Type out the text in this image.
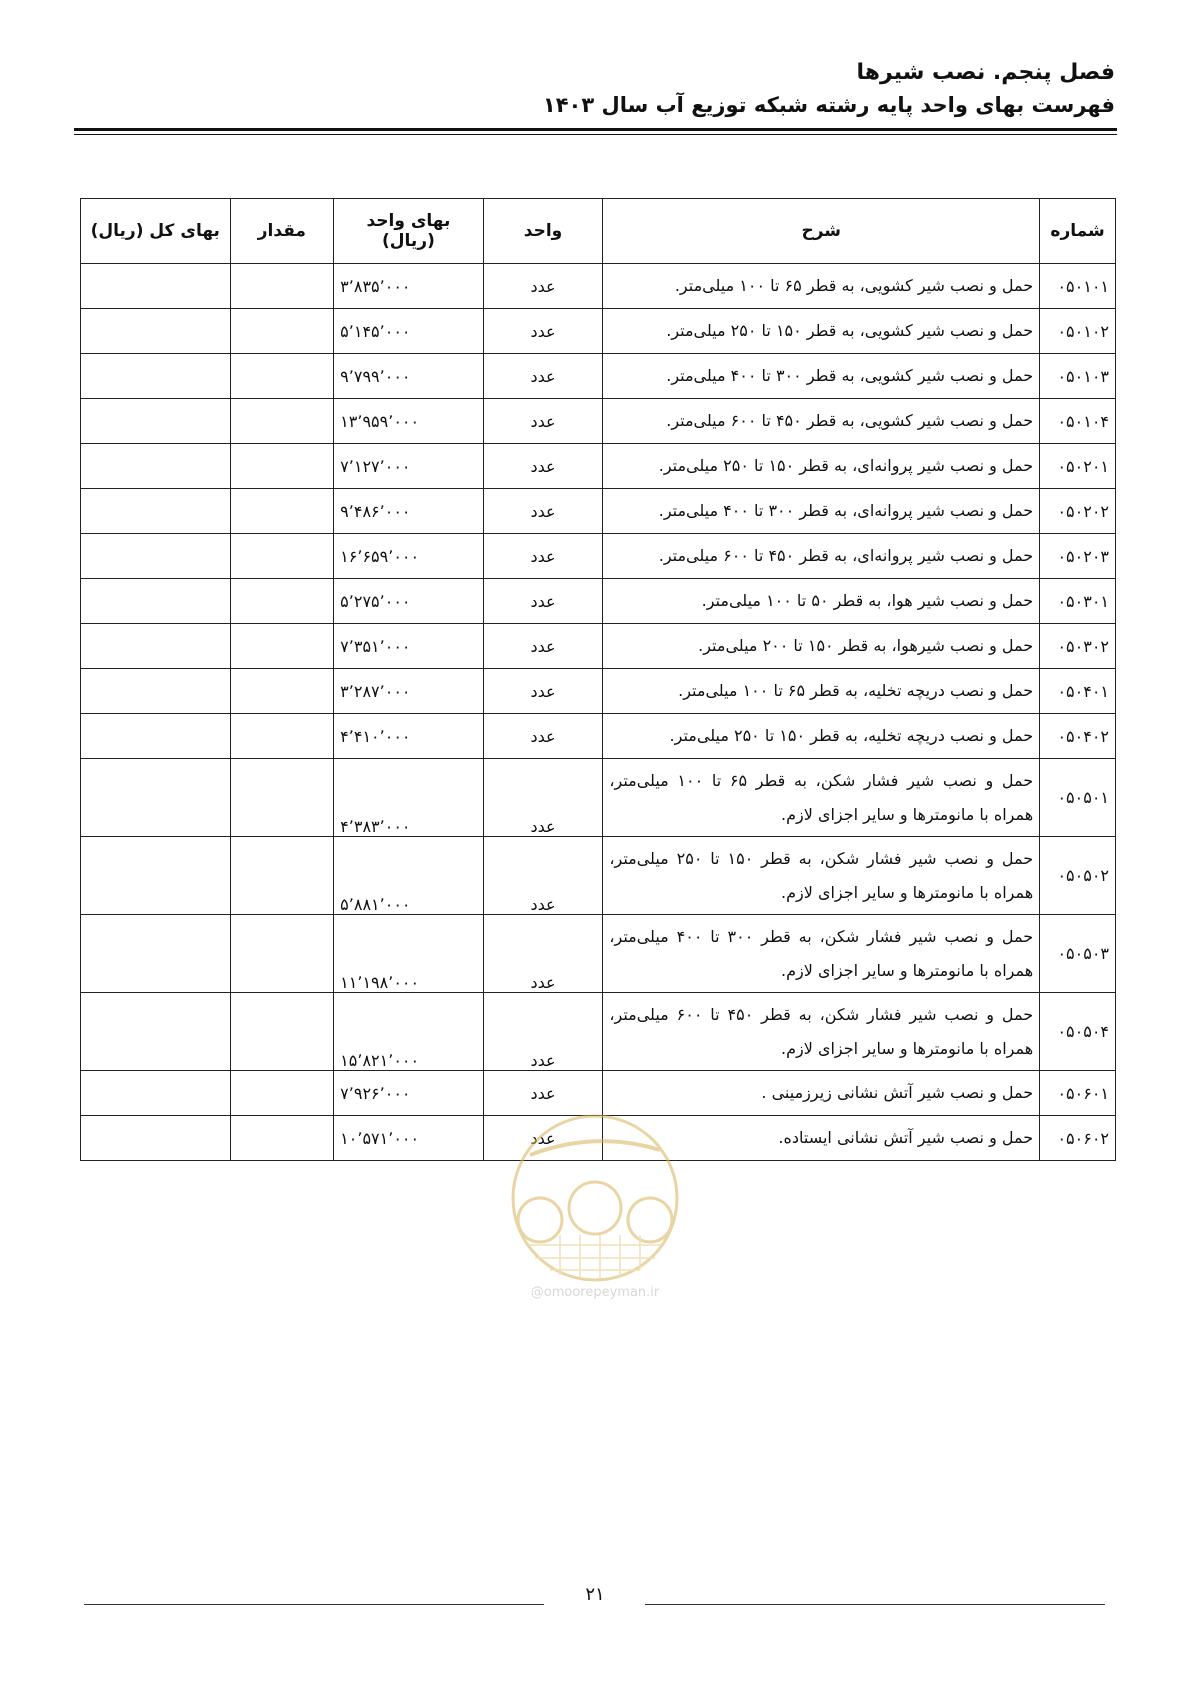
فصل پنجم. نصب شیرها
فهرست بهای واحد پایه رشته شبکه توزیع آب سال ۱۴۰۳
شماره	شرح	واحد	بهای واحد (ریال)	مقدار	بهای کل (ریال)
۰۵۰۱۰۱	حمل و نصب شیر کشویی، به قطر ۶۵ تا ۱۰۰ میلی‌متر.	عدد	۳٬۸۳۵٬۰۰۰		
۰۵۰۱۰۲	حمل و نصب شیر کشویی، به قطر ۱۵۰ تا ۲۵۰ میلی‌متر.	عدد	۵٬۱۴۵٬۰۰۰		
۰۵۰۱۰۳	حمل و نصب شیر کشویی، به قطر ۳۰۰ تا ۴۰۰ میلی‌متر.	عدد	۹٬۷۹۹٬۰۰۰		
۰۵۰۱۰۴	حمل و نصب شیر کشویی، به قطر ۴۵۰ تا ۶۰۰ میلی‌متر.	عدد	۱۳٬۹۵۹٬۰۰۰		
۰۵۰۲۰۱	حمل و نصب شیر پروانه‌ای، به قطر ۱۵۰ تا ۲۵۰ میلی‌متر.	عدد	۷٬۱۲۷٬۰۰۰		
۰۵۰۲۰۲	حمل و نصب شیر پروانه‌ای، به قطر ۳۰۰ تا ۴۰۰ میلی‌متر.	عدد	۹٬۴۸۶٬۰۰۰		
۰۵۰۲۰۳	حمل و نصب شیر پروانه‌ای، به قطر ۴۵۰ تا ۶۰۰ میلی‌متر.	عدد	۱۶٬۶۵۹٬۰۰۰		
۰۵۰۳۰۱	حمل و نصب شیر هوا، به قطر ۵۰ تا ۱۰۰ میلی‌متر.	عدد	۵٬۲۷۵٬۰۰۰		
۰۵۰۳۰۲	حمل و نصب شیرهوا، به قطر ۱۵۰ تا ۲۰۰ میلی‌متر.	عدد	۷٬۳۵۱٬۰۰۰		
۰۵۰۴۰۱	حمل و نصب دریچه تخلیه، به قطر ۶۵ تا ۱۰۰ میلی‌متر.	عدد	۳٬۲۸۷٬۰۰۰		
۰۵۰۴۰۲	حمل و نصب دریچه تخلیه، به قطر ۱۵۰ تا ۲۵۰ میلی‌متر.	عدد	۴٬۴۱۰٬۰۰۰		
۰۵۰۵۰۱	حمل و نصب شیر فشار شکن، به قطر ۶۵ تا ۱۰۰ میلی‌متر، همراه با مانومترها و سایر اجزای لازم.	عدد	۴٬۳۸۳٬۰۰۰		
۰۵۰۵۰۲	حمل و نصب شیر فشار شکن، به قطر ۱۵۰ تا ۲۵۰ میلی‌متر، همراه با مانومترها و سایر اجزای لازم.	عدد	۵٬۸۸۱٬۰۰۰		
۰۵۰۵۰۳	حمل و نصب شیر فشار شکن، به قطر ۳۰۰ تا ۴۰۰ میلی‌متر، همراه با مانومترها و سایر اجزای لازم.	عدد	۱۱٬۱۹۸٬۰۰۰		
۰۵۰۵۰۴	حمل و نصب شیر فشار شکن، به قطر ۴۵۰ تا ۶۰۰ میلی‌متر، همراه با مانومترها و سایر اجزای لازم.	عدد	۱۵٬۸۲۱٬۰۰۰		
۰۵۰۶۰۱	حمل و نصب شیر آتش نشانی زیرزمینی .	عدد	۷٬۹۲۶٬۰۰۰		
۰۵۰۶۰۲	حمل و نصب شیر آتش نشانی ایستاده.	عدد	۱۰٬۵۷۱٬۰۰۰		
@omoorepeyman.ir
۲۱
